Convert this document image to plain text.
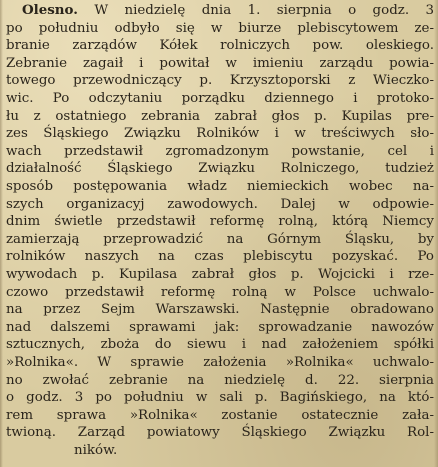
Olesno. W niedzielę dnia 1. sierpnia o godz. 3
po południu odbyło się w biurze plebiscytowem ze-
branie zarządów Kółek rolniczych pow. oleskiego.
Zebranie zagaił i powitał w imieniu zarządu powia-
towego przewodniczący p. Krzysztoporski z Wieczko-
wic. Po odczytaniu porządku dziennego i protoko-
łu z ostatniego zebrania zabrał głos p. Kupilas pre-
zes Śląskiego Związku Rolników i w treściwych sło-
wach przedstawił zgromadzonym powstanie, cel i
działalność Śląskiego Związku Rolniczego, tudzież
sposób postępowania władz niemieckich wobec na-
szych organizacyj zawodowych. Dalej w odpowie-
dnim świetle przedstawił reformę rolną, którą Niemcy
zamierzają przeprowadzić na Górnym Śląsku, by
rolników naszych na czas plebiscytu pozyskać. Po
wywodach p. Kupilasa zabrał głos p. Wojcicki i rze-
czowo przedstawił reformę rolną w Polsce uchwalo-
na przez Sejm Warszawski. Następnie obradowano
nad dalszemi sprawami jak: sprowadzanie nawozów
sztucznych, zboża do siewu i nad założeniem spółki
»Rolnika«. W sprawie założenia »Rolnika« uchwalo-
no zwołać zebranie na niedzielę d. 22. sierpnia
o godz. 3 po południu w sali p. Bagińskiego, na któ-
rem sprawa »Rolnika« zostanie ostatecznie zała-
twioną. Zarząd powiatowy Śląskiego Związku Rol-
ników.
